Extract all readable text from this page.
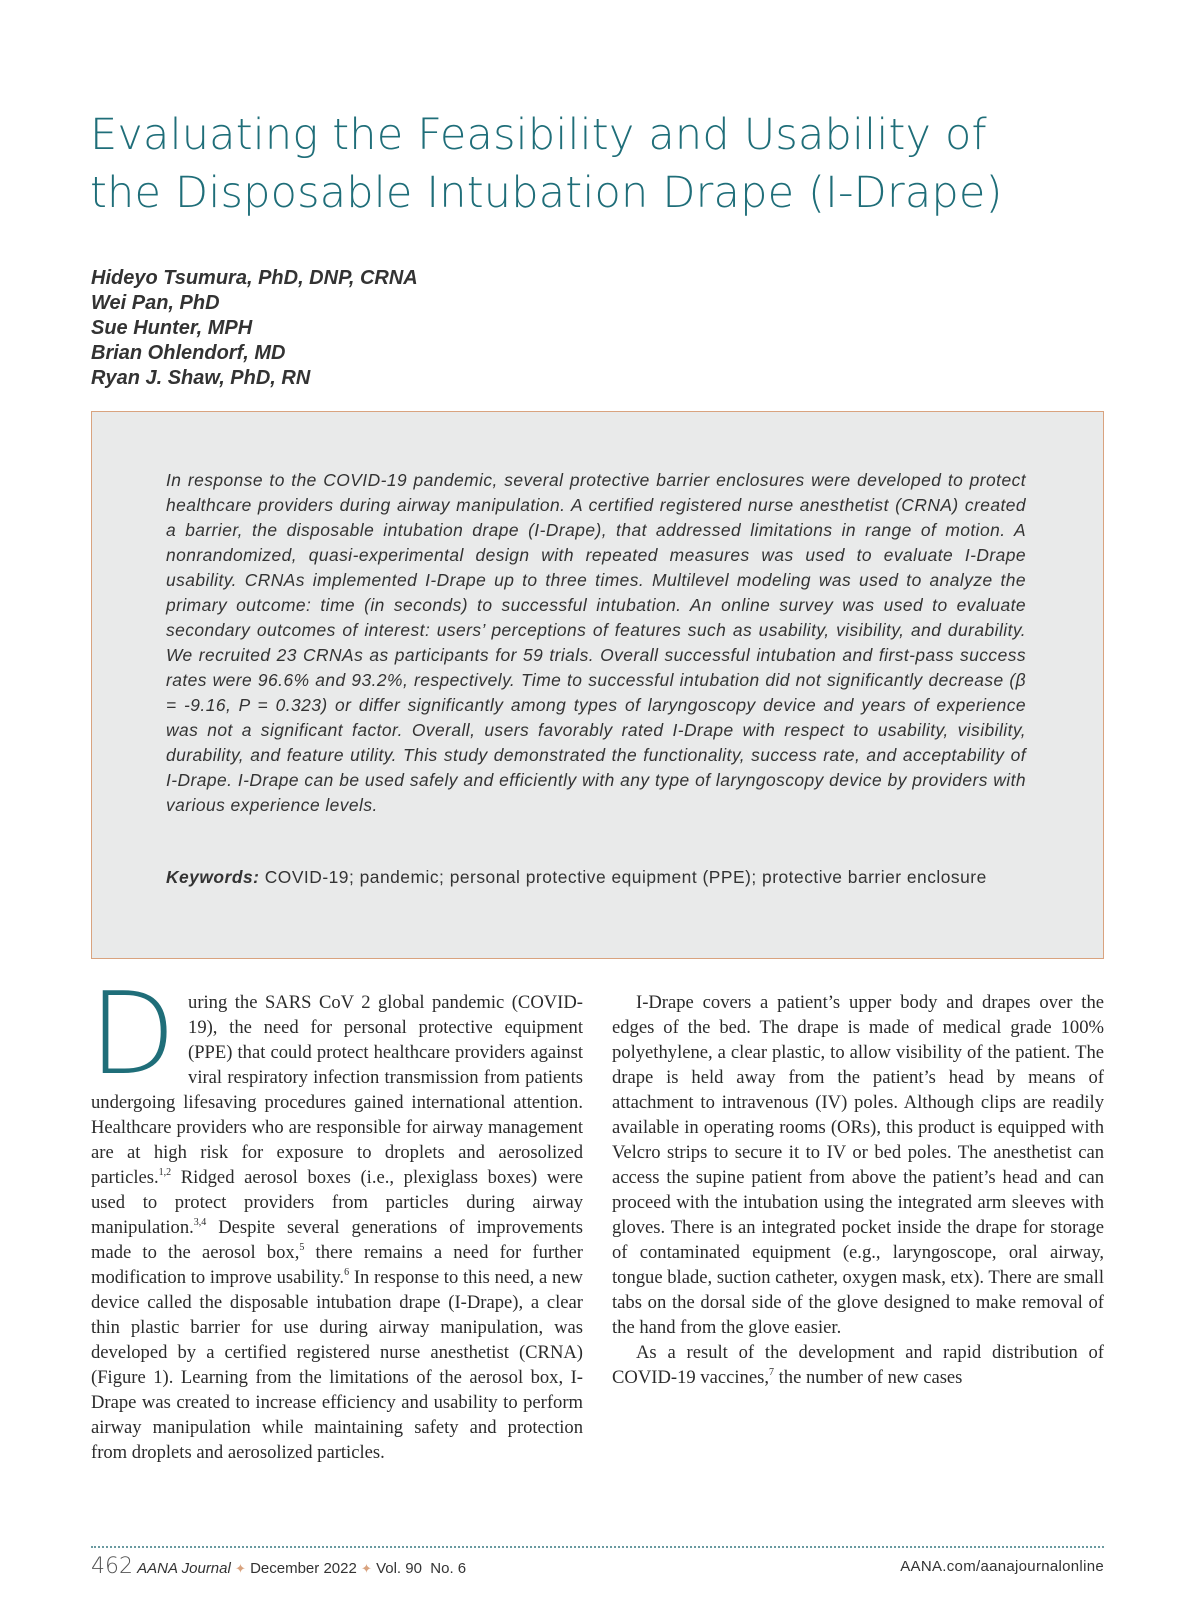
Evaluating the Feasibility and Usability of
the Disposable Intubation Drape (I-Drape)
Hideyo Tsumura, PhD, DNP, CRNA
Wei Pan, PhD
Sue Hunter, MPH
Brian Ohlendorf, MD
Ryan J. Shaw, PhD, RN

In response to the COVID-19 pandemic, several protective barrier enclosures were developed to protect healthcare providers during airway manipulation. A certified registered nurse anesthetist (CRNA) created a barrier, the disposable intubation drape (I-Drape), that addressed limitations in range of motion. A nonrandomized, quasi-experimental design with repeated measures was used to evaluate I-Drape usability. CRNAs implemented I-Drape up to three times. Multilevel modeling was used to analyze the primary outcome: time (in seconds) to successful intubation. An online survey was used to evaluate secondary outcomes of interest: users’ perceptions of features such as usability, visibility, and durability. We recruited 23 CRNAs as participants for 59 trials. Overall successful intubation and first-pass success rates were 96.6% and 93.2%, respectively. Time to successful intubation did not significantly decrease (β = -9.16, P = 0.323) or differ significantly among types of laryngoscopy device and years of experience was not a significant factor. Overall, users favorably rated I-Drape with respect to usability, visibility, durability, and feature utility. This study demonstrated the functionality, success rate, and acceptability of I-Drape. I-Drape can be used safely and efficiently with any type of laryngoscopy device by providers with various experience levels.

Keywords: COVID-19; pandemic; personal protective equipment (PPE); protective barrier enclosure

During the SARS CoV 2 global pandemic (COVID-19), the need for personal protective equipment (PPE) that could protect healthcare providers against viral respiratory infection transmission from patients undergoing lifesaving procedures gained international attention. Healthcare providers who are responsible for airway management are at high risk for exposure to droplets and aerosolized particles.$^{1,2}$ Ridged aerosol boxes (i.e., plexiglass boxes) were used to protect providers from particles during airway manipulation.$^{3,4}$ Despite several generations of improvements made to the aerosol box,$^5$ there remains a need for further modification to improve usability.$^6$ In response to this need, a new device called the disposable intubation drape (I-Drape), a clear thin plastic barrier for use during airway manipulation, was developed by a certified registered nurse anesthetist (CRNA) (Figure 1). Learning from the limitations of the aerosol box, I-Drape was created to increase efficiency and usability to perform airway manipulation while maintaining safety and protection from droplets and aerosolized particles.

I-Drape covers a patient’s upper body and drapes over the edges of the bed. The drape is made of medical grade 100% polyethylene, a clear plastic, to allow visibility of the patient. The drape is held away from the patient’s head by means of attachment to intravenous (IV) poles. Although clips are readily available in operating rooms (ORs), this product is equipped with Velcro strips to secure it to IV or bed poles. The anesthetist can access the supine patient from above the patient’s head and can proceed with the intubation using the integrated arm sleeves with gloves. There is an integrated pocket inside the drape for storage of contaminated equipment (e.g., laryngoscope, oral airway, tongue blade, suction catheter, oxygen mask, etx). There are small tabs on the dorsal side of the glove designed to make removal of the hand from the glove easier.

As a result of the development and rapid distribution of COVID-19 vaccines,$^7$ the number of new cases

462 AANA Journal ✦ December 2022 ✦ Vol. 90  No. 6	AANA.com/aanajournalonline
